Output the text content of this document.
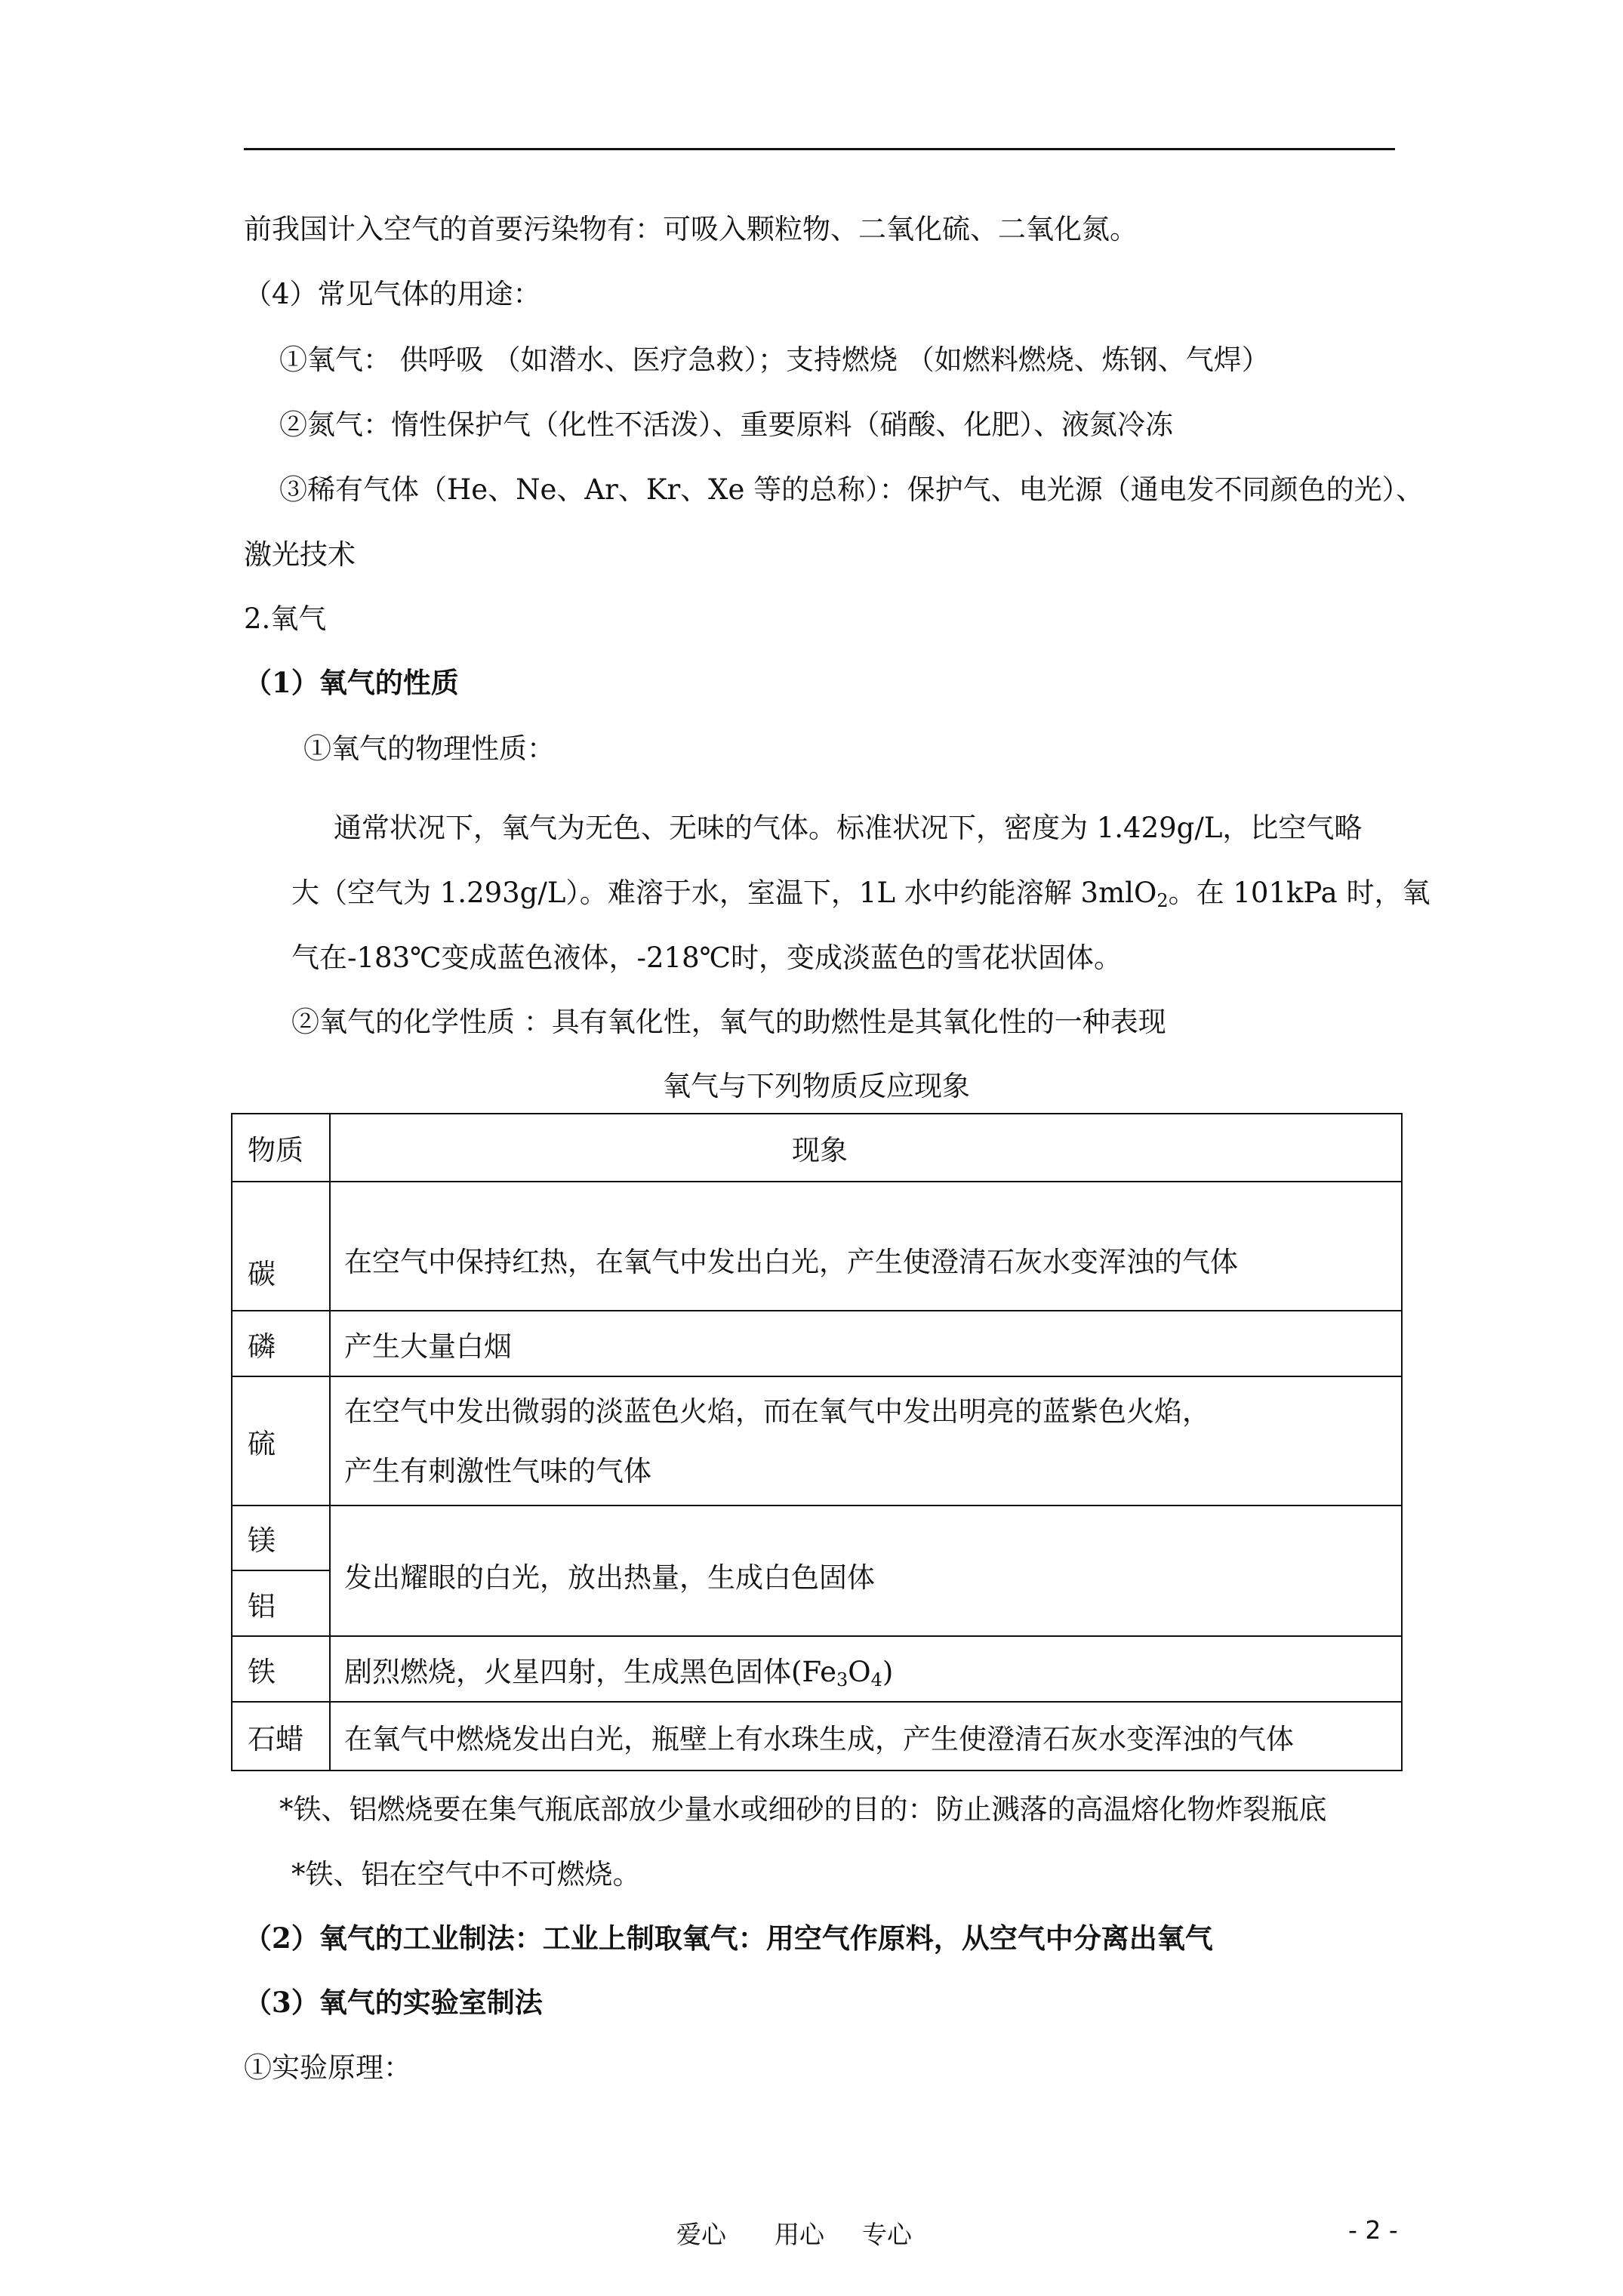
前我国计入空气的首要污染物有：可吸入颗粒物、二氧化硫、二氧化氮。
（4）常见气体的用途：
①氧气： 供呼吸 （如潜水、医疗急救）；支持燃烧 （如燃料燃烧、炼钢、气焊）
②氮气：惰性保护气（化性不活泼）、重要原料（硝酸、化肥）、液氮冷冻
③稀有气体（He、Ne、Ar、Kr、Xe 等的总称）：保护气、电光源（通电发不同颜色的光）、
激光技术
2.氧气
（1）氧气的性质
①氧气的物理性质：
通常状况下，氧气为无色、无味的气体。标准状况下，密度为 1.429g/L，比空气略
大（空气为 1.293g/L）。难溶于水，室温下，1L 水中约能溶解 3mlO$_2$。在 101kPa 时，氧
气在-183℃变成蓝色液体，-218℃时，变成淡蓝色的雪花状固体。
②氧气的化学性质 ：具有氧化性，氧气的助燃性是其氧化性的一种表现
氧气与下列物质反应现象
物质	现象
碳	在空气中保持红热，在氧气中发出白光，产生使澄清石灰水变浑浊的气体
磷	产生大量白烟
硫	在空气中发出微弱的淡蓝色火焰，而在氧气中发出明亮的蓝紫色火焰，
产生有刺激性气味的气体

镁	发出耀眼的白光，放出热量，生成白色固体
铝	
铁	剧烈燃烧，火星四射，生成黑色固体$(Fe_3O_4)$
石蜡	在氧气中燃烧发出白光，瓶壁上有水珠生成，产生使澄清石灰水变浑浊的气体
*铁、铝燃烧要在集气瓶底部放少量水或细砂的目的：防止溅落的高温熔化物炸裂瓶底
*铁、铝在空气中不可燃烧。
（2）氧气的工业制法：工业上制取氧气：用空气作原料，从空气中分离出氧气
（3）氧气的实验室制法
①实验原理：
爱心 用心 专心	- 2 -
